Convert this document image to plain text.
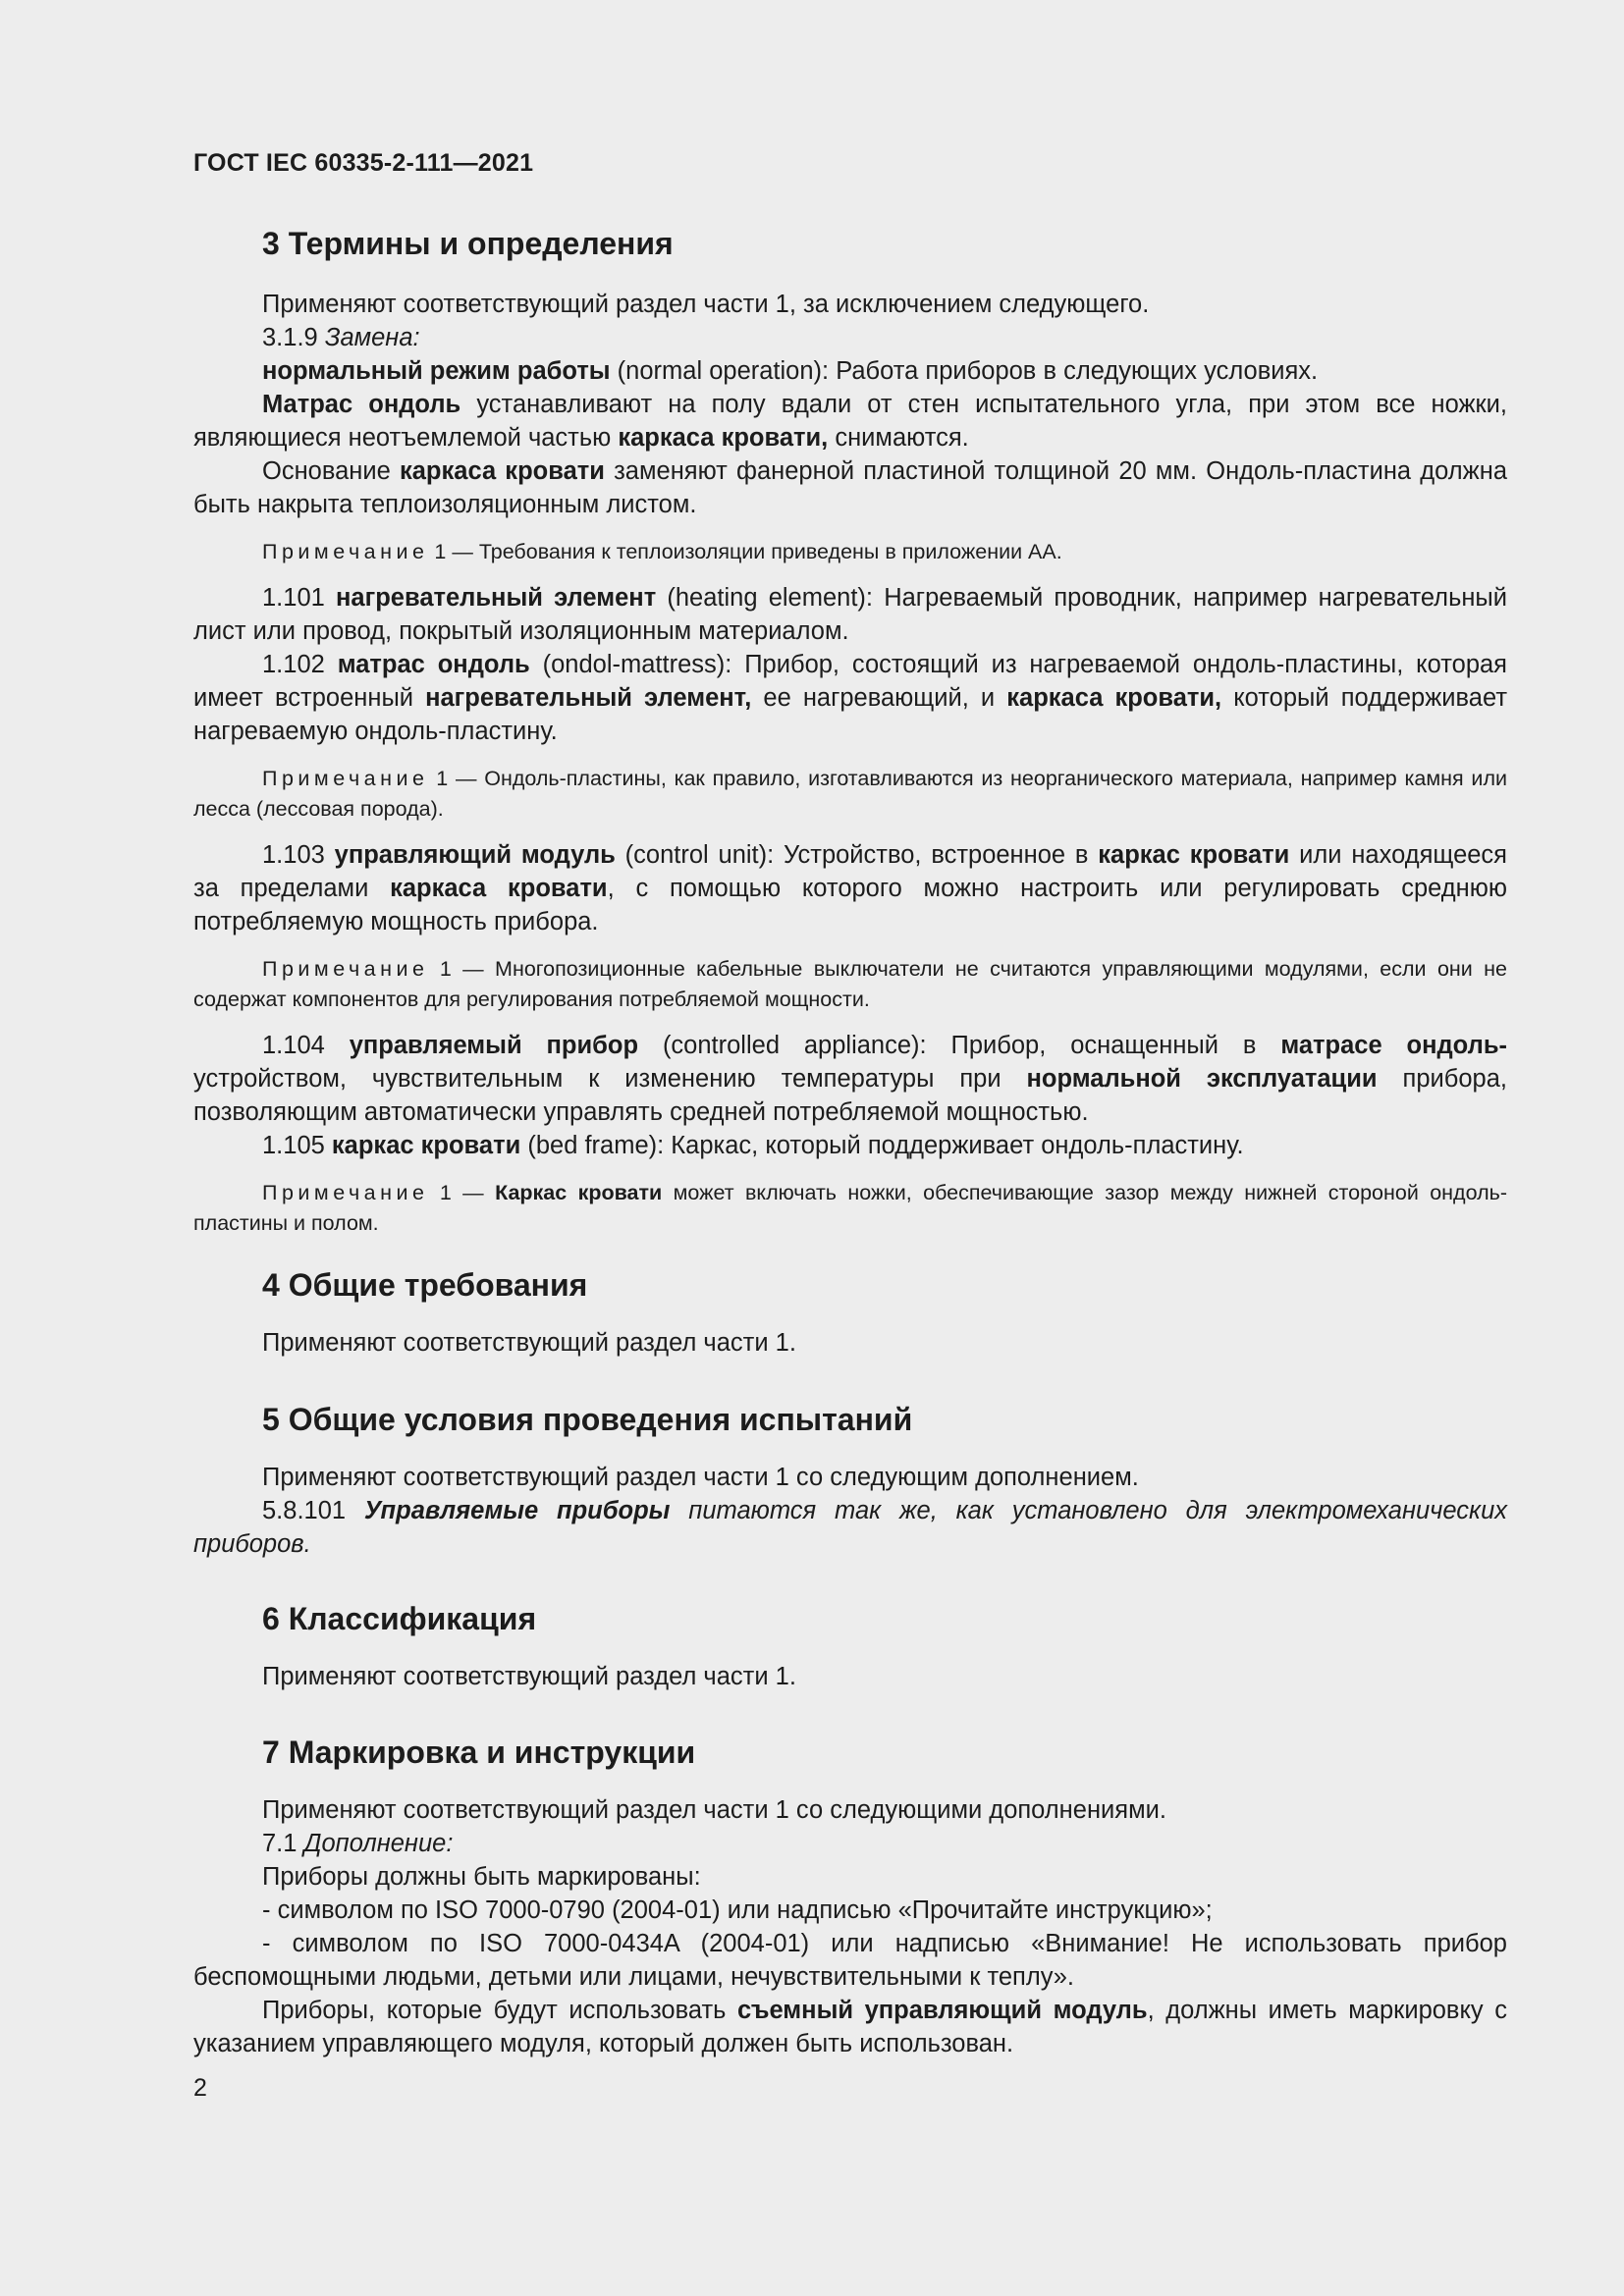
ГОСТ IEC 60335-2-111—2021
3 Термины и определения

Применяют соответствующий раздел части 1, за исключением следующего.

3.1.9 Замена:

нормальный режим работы (normal operation): Работа приборов в следующих условиях.

Матрас ондоль устанавливают на полу вдали от стен испытательного угла, при этом все ножки, являющиеся неотъемлемой частью каркаса кровати, снимаются.

Основание каркаса кровати заменяют фанерной пластиной толщиной 20 мм. Ондоль-пластина должна быть накрыта теплоизоляционным листом.

Примечание 1 — Требования к теплоизоляции приведены в приложении АА.

1.101 нагревательный элемент (heating element): Нагреваемый проводник, например нагревательный лист или провод, покрытый изоляционным материалом.

1.102 матрас ондоль (ondol-mattress): Прибор, состоящий из нагреваемой ондоль-пластины, которая имеет встроенный нагревательный элемент, ее нагревающий, и каркаса кровати, который поддерживает нагреваемую ондоль-пластину.

Примечание 1 — Ондоль-пластины, как правило, изготавливаются из неорганического материала, например камня или лесса (лессовая порода).

1.103 управляющий модуль (control unit): Устройство, встроенное в каркас кровати или находящееся за пределами каркаса кровати, с помощью которого можно настроить или регулировать среднюю потребляемую мощность прибора.

Примечание 1 — Многопозиционные кабельные выключатели не считаются управляющими модулями, если они не содержат компонентов для регулирования потребляемой мощности.

1.104 управляемый прибор (controlled appliance): Прибор, оснащенный в матрасе ондоль- устройством, чувствительным к изменению температуры при нормальной эксплуатации прибора, позволяющим автоматически управлять средней потребляемой мощностью.

1.105 каркас кровати (bed frame): Каркас, который поддерживает ондоль-пластину.

Примечание 1 — Каркас кровати может включать ножки, обеспечивающие зазор между нижней стороной ондоль-пластины и полом.

4 Общие требования

Применяют соответствующий раздел части 1.

5 Общие условия проведения испытаний

Применяют соответствующий раздел части 1 со следующим дополнением.

5.8.101 Управляемые приборы питаются так же, как установлено для электромеханических приборов.

6 Классификация

Применяют соответствующий раздел части 1.

7 Маркировка и инструкции

Применяют соответствующий раздел части 1 со следующими дополнениями.

7.1 Дополнение:

Приборы должны быть маркированы:

- символом по ISO 7000-0790 (2004-01) или надписью «Прочитайте инструкцию»;

- символом по ISO 7000-0434A (2004-01) или надписью «Внимание! Не использовать прибор беспомощными людьми, детьми или лицами, нечувствительными к теплу».

Приборы, которые будут использовать съемный управляющий модуль, должны иметь маркировку с указанием управляющего модуля, который должен быть использован.

2
